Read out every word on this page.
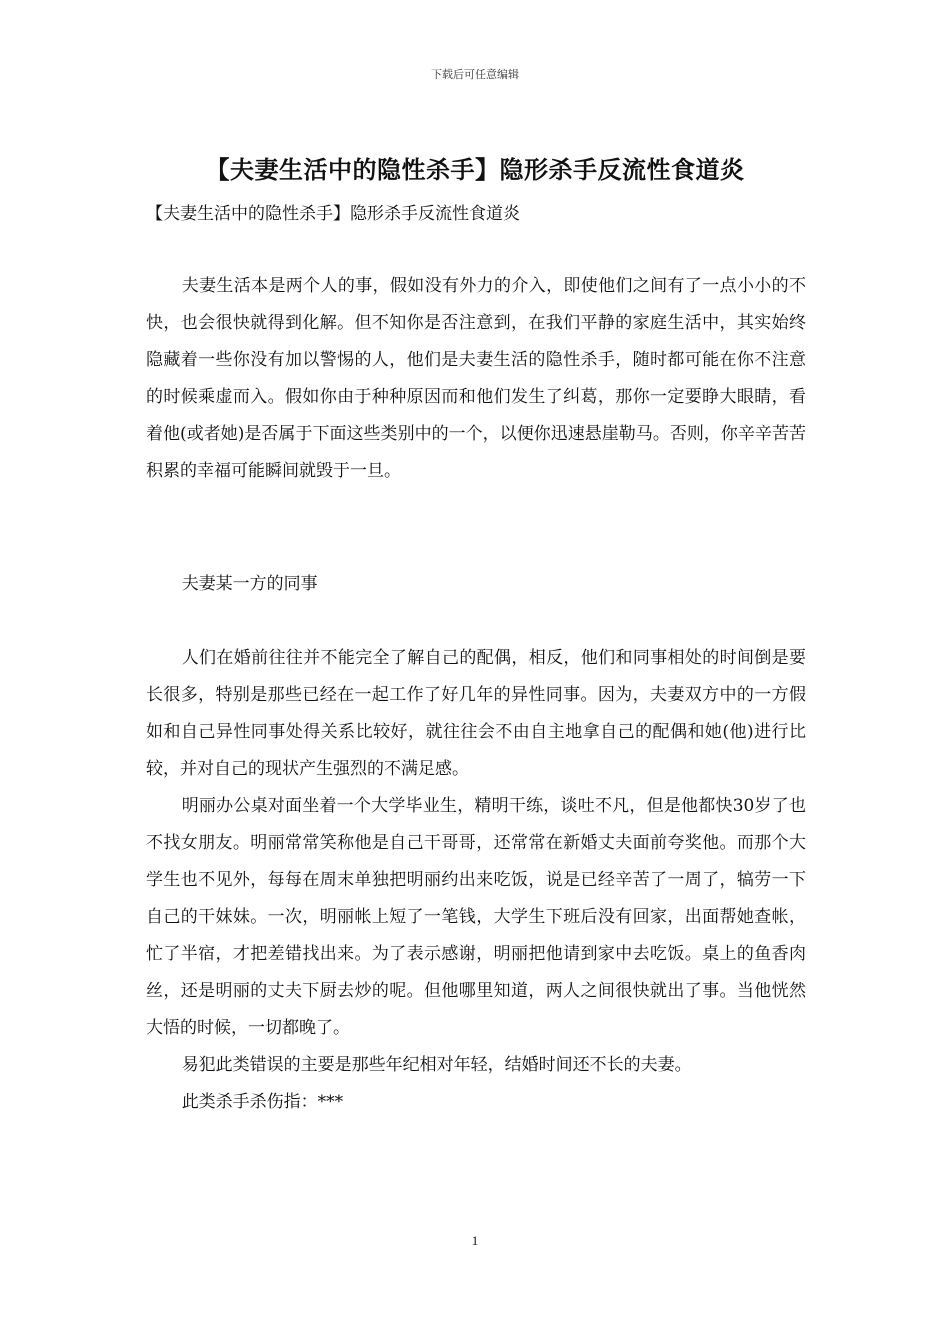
下载后可任意编辑
【夫妻生活中的隐性杀手】隐形杀手反流性食道炎
【夫妻生活中的隐性杀手】隐形杀手反流性食道炎

夫妻生活本是两个人的事，假如没有外力的介入，即使他们之间有了一点小小的不快，也会很快就得到化解。但不知你是否注意到，在我们平静的家庭生活中，其实始终隐藏着一些你没有加以警惕的人，他们是夫妻生活的隐性杀手，随时都可能在你不注意的时候乘虚而入。假如你由于种种原因而和他们发生了纠葛，那你一定要睁大眼睛，看着他(或者她)是否属于下面这些类别中的一个，以便你迅速悬崖勒马。否则，你辛辛苦苦积累的幸福可能瞬间就毁于一旦。

夫妻某一方的同事

人们在婚前往往并不能完全了解自己的配偶，相反，他们和同事相处的时间倒是要长很多，特别是那些已经在一起工作了好几年的异性同事。因为，夫妻双方中的一方假如和自己异性同事处得关系比较好，就往往会不由自主地拿自己的配偶和她(他)进行比较，并对自己的现状产生强烈的不满足感。

明丽办公桌对面坐着一个大学毕业生，精明干练，谈吐不凡，但是他都快30岁了也不找女朋友。明丽常常笑称他是自己干哥哥，还常常在新婚丈夫面前夸奖他。而那个大学生也不见外，每每在周末单独把明丽约出来吃饭，说是已经辛苦了一周了，犒劳一下自己的干妹妹。一次，明丽帐上短了一笔钱，大学生下班后没有回家，出面帮她查帐，忙了半宿，才把差错找出来。为了表示感谢，明丽把他请到家中去吃饭。桌上的鱼香肉丝，还是明丽的丈夫下厨去炒的呢。但他哪里知道，两人之间很快就出了事。当他恍然大悟的时候，一切都晚了。

易犯此类错误的主要是那些年纪相对年轻，结婚时间还不长的夫妻。

此类杀手杀伤指：***

1
